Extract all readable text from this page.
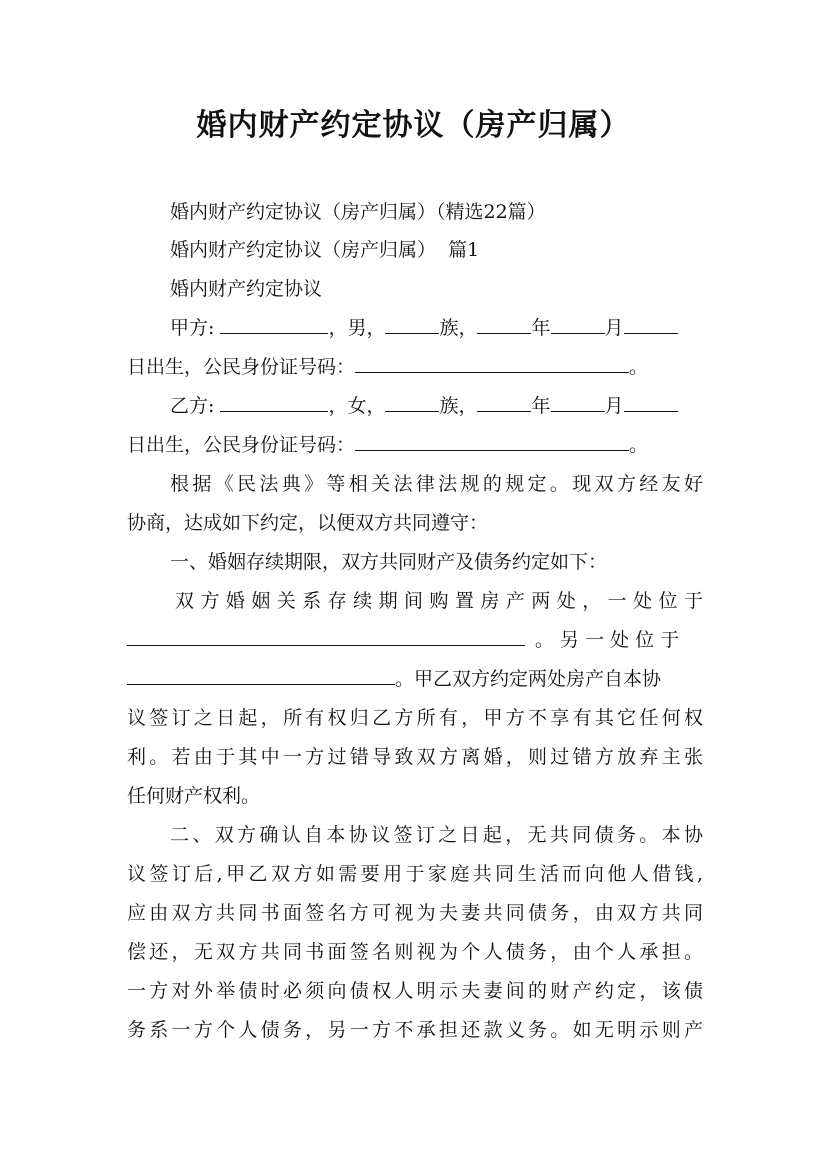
婚内财产约定协议（房产归属）
婚内财产约定协议（房产归属）（精选22篇）
婚内财产约定协议（房产归属）  篇1
婚内财产约定协议
甲方:	，男，	族，	年	月
日出生，公民身份证号码：	。
乙方:	，女，	族，	年	月
日出生，公民身份证号码：	。
根据《民法典》等相关法律法规的规定。现双方经友好
协商，达成如下约定，以便双方共同遵守：
一、婚姻存续期限，双方共同财产及债务约定如下：
双方婚姻关系存续期间购置房产两处，一处位于
。 另 一 处 位 于
。甲乙双方约定两处房产自本协
议签订之日起，所有权归乙方所有，甲方不享有其它任何权
利。若由于其中一方过错导致双方离婚，则过错方放弃主张
任何财产权利。
二、双方确认自本协议签订之日起，无共同债务。本协
议签订后,甲乙双方如需要用于家庭共同生活而向他人借钱,
应由双方共同书面签名方可视为夫妻共同债务，由双方共同
偿还，无双方共同书面签名则视为个人债务，由个人承担。
一方对外举债时必须向债权人明示夫妻间的财产约定，该债
务系一方个人债务，另一方不承担还款义务。如无明示则产
